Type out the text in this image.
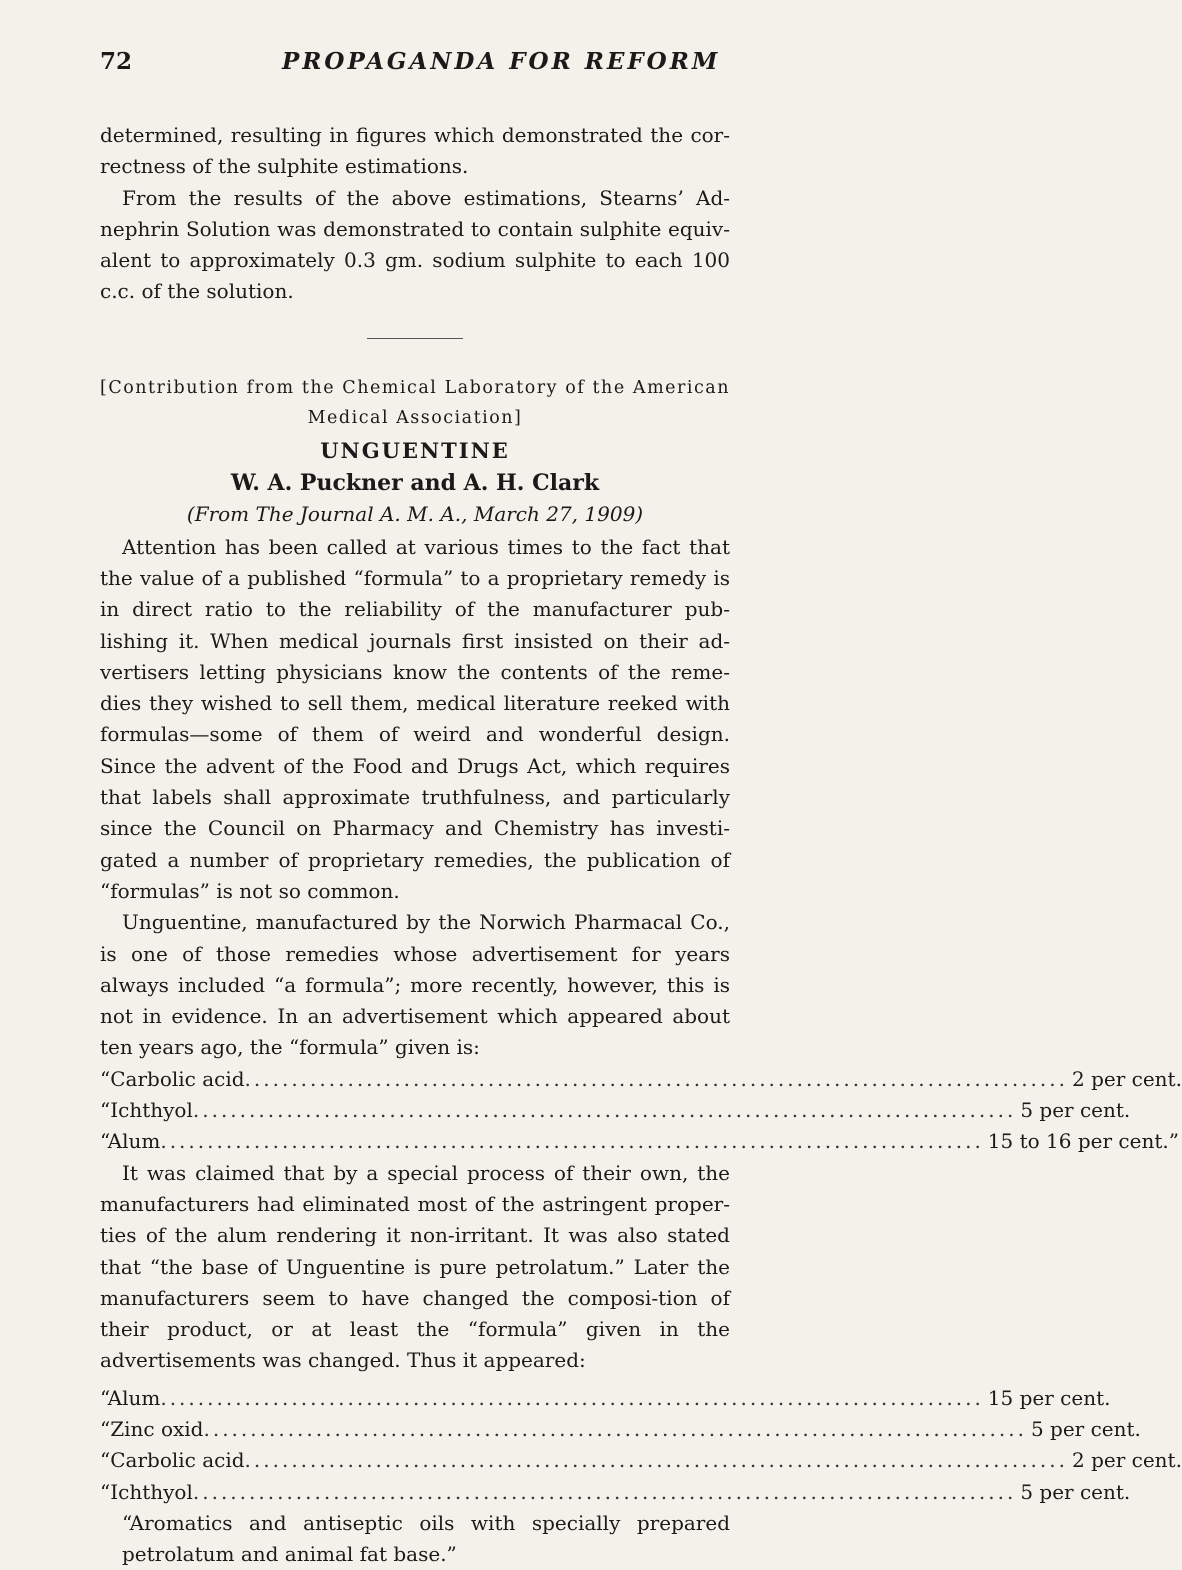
72	PROPAGANDA FOR REFORM

determined, resulting in figures which demonstrated the cor-rectness of the sulphite estimations.

From the results of the above estimations, Stearns’ Ad-nephrin Solution was demonstrated to contain sulphite equiv-alent to approximately 0.3 gm. sodium sulphite to each 100 c.c. of the solution.

[Contribution from the Chemical Laboratory of the American Medical Association]

UNGUENTINE
W. A. Puckner and A. H. Clark
(From The Journal A. M. A., March 27, 1909)

Attention has been called at various times to the fact that the value of a published “formula” to a proprietary remedy is in direct ratio to the reliability of the manufacturer pub-lishing it. When medical journals first insisted on their ad-vertisers letting physicians know the contents of the reme-dies they wished to sell them, medical literature reeked with formulas—some of them of weird and wonderful design. Since the advent of the Food and Drugs Act, which requires that labels shall approximate truthfulness, and particularly since the Council on Pharmacy and Chemistry has investi-gated a number of proprietary remedies, the publication of “formulas” is not so common.

Unguentine, manufactured by the Norwich Pharmacal Co., is one of those remedies whose advertisement for years always included “a formula”; more recently, however, this is not in evidence. In an advertisement which appeared about ten years ago, the “formula” given is:

“Carbolic acid ........................................................................................ 2 per cent.
“Ichthyol ........................................................................................ 5 per cent.
“Alum ........................................................................................ 15 to 16 per cent.”

It was claimed that by a special process of their own, the manufacturers had eliminated most of the astringent proper-ties of the alum rendering it non-irritant. It was also stated that “the base of Unguentine is pure petrolatum.” Later the manufacturers seem to have changed the composi-tion of their product, or at least the “formula” given in the advertisements was changed. Thus it appeared:

“Alum ........................................................................................ 15 per cent.
“Zinc oxid ........................................................................................ 5 per cent.
“Carbolic acid ........................................................................................ 2 per cent.
“Ichthyol ........................................................................................ 5 per cent.

“Aromatics and antiseptic oils with specially prepared petrolatum and animal fat base.”
